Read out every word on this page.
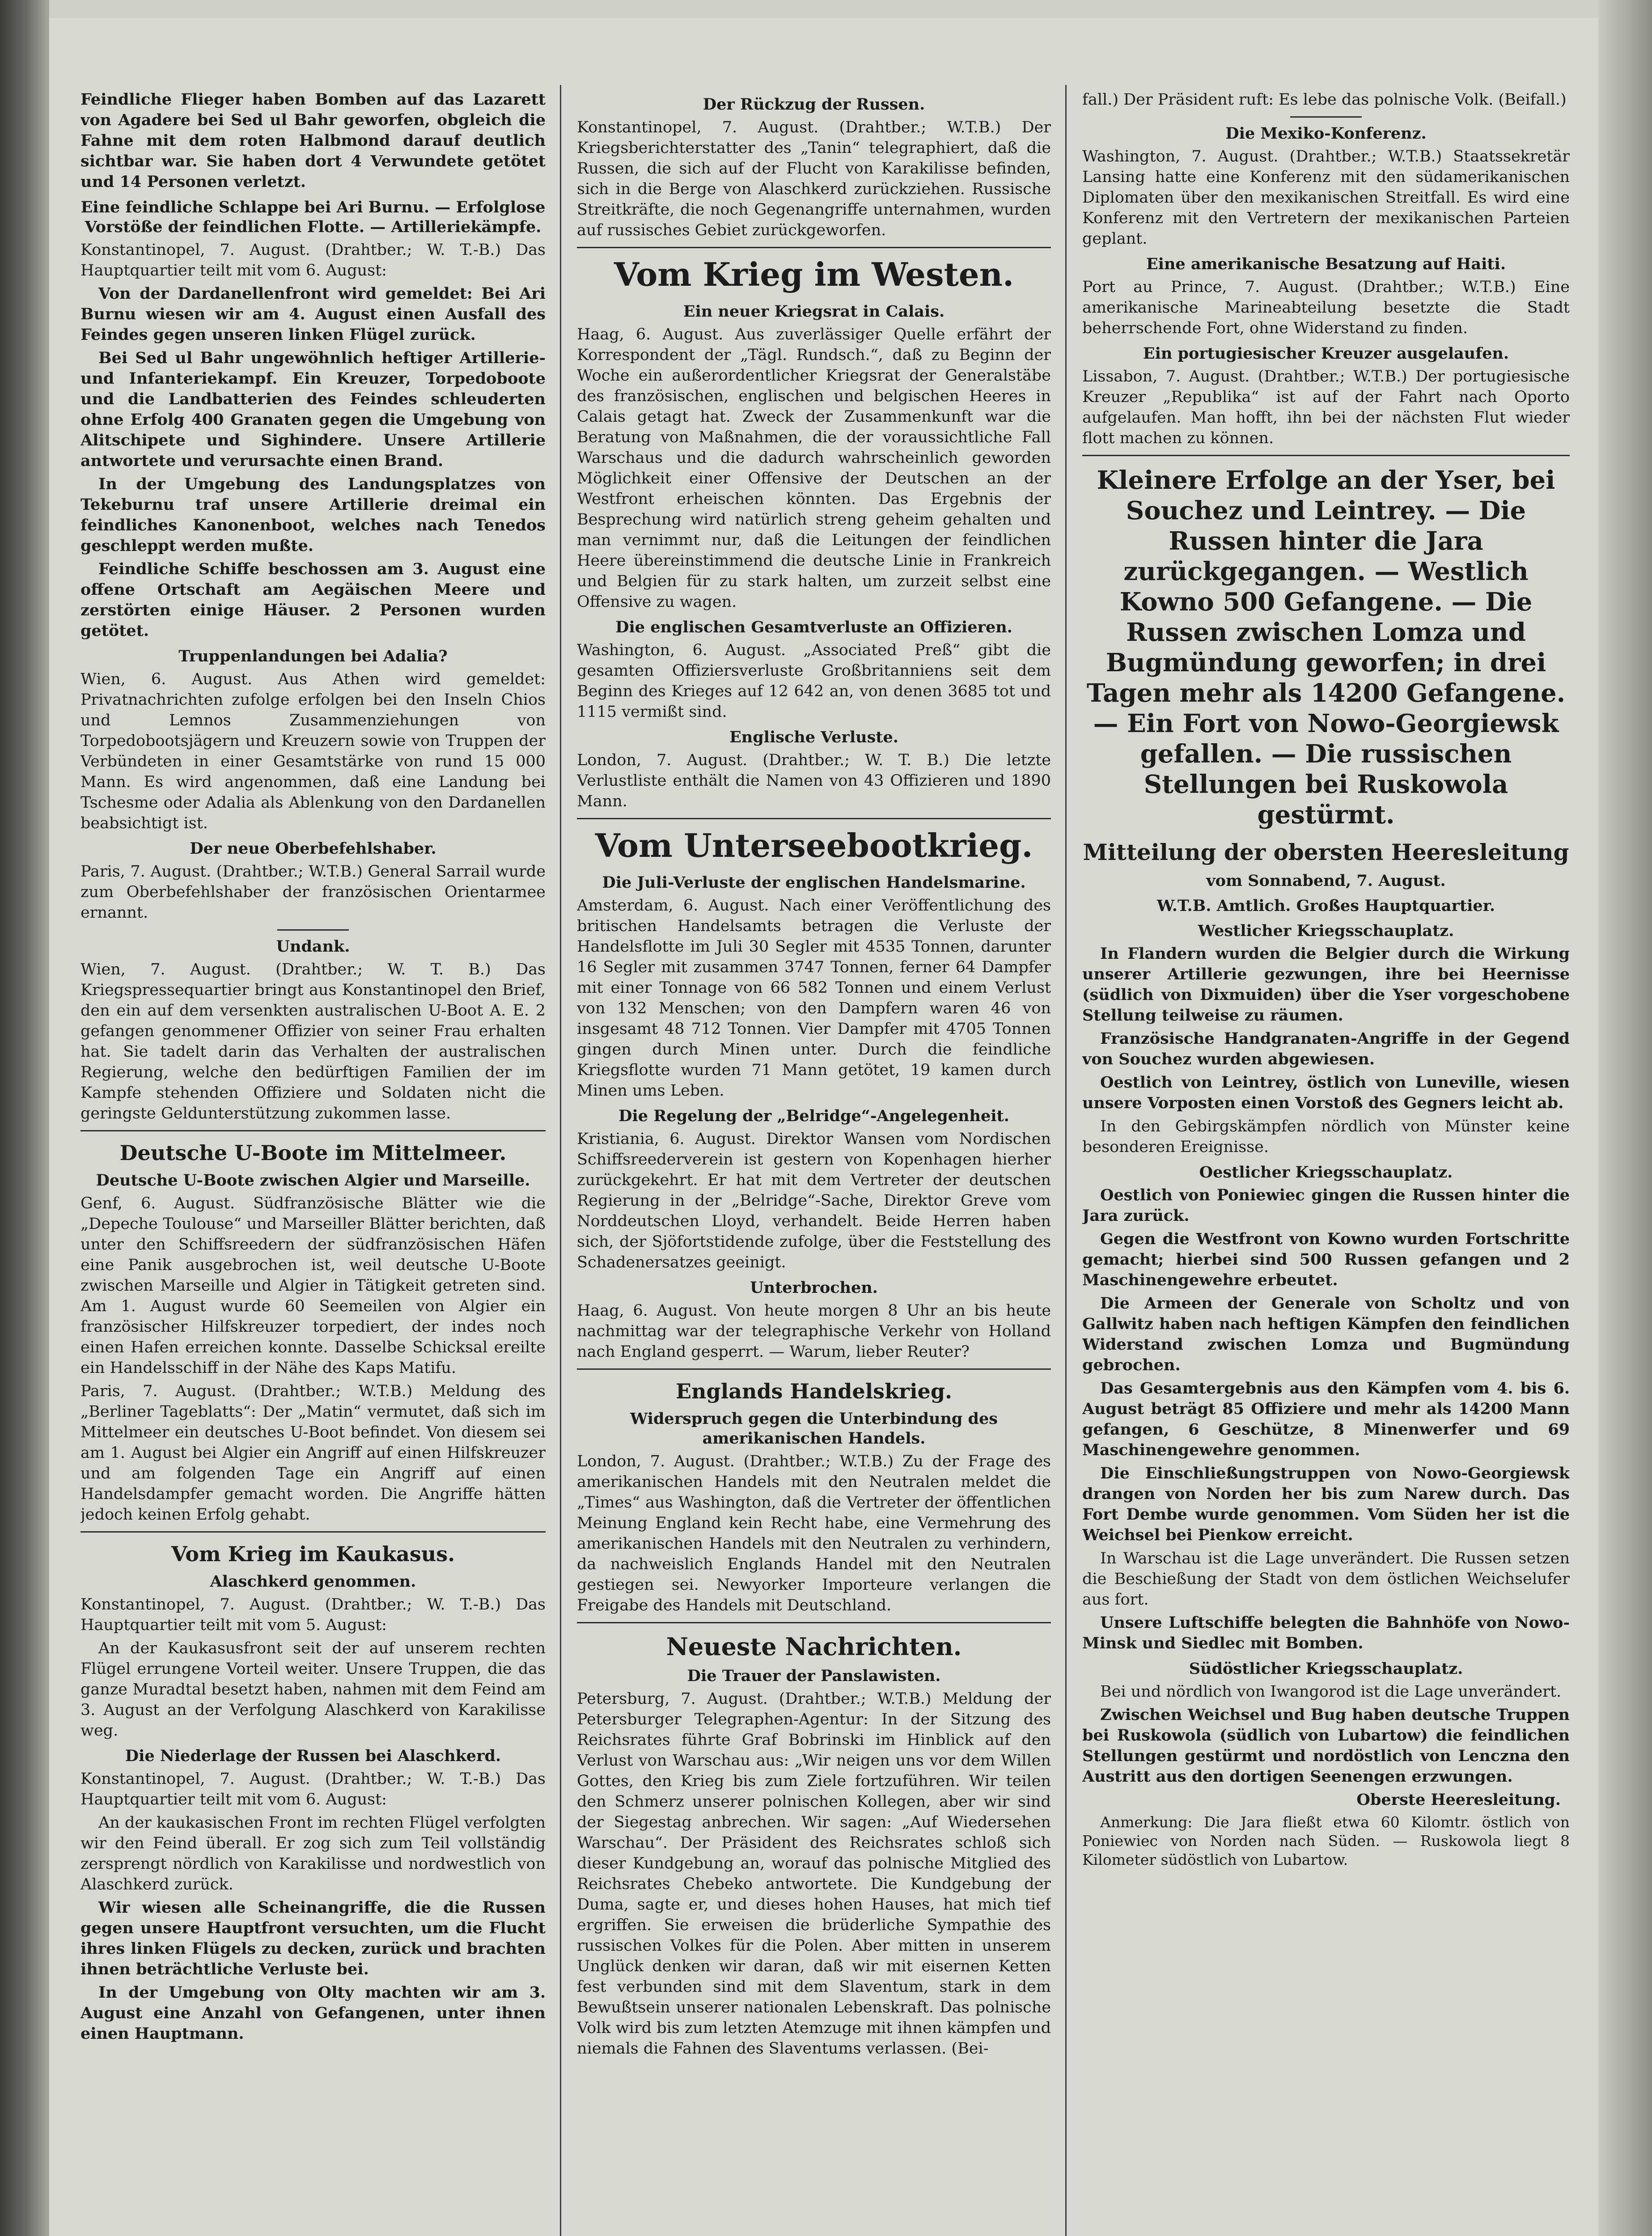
Feindliche Flieger haben Bomben auf das Lazarett von Agadere bei Sed ul Bahr geworfen, obgleich die Fahne mit dem roten Halbmond darauf deutlich sichtbar war. Sie haben dort 4 Verwundete getötet und 14 Personen verletzt.

Eine feindliche Schlappe bei Ari Burnu. — Erfolglose Vorstöße der feindlichen Flotte. — Artilleriekämpfe.

Konstantinopel, 7. August. (Drahtber.; W. T.-B.) Das Hauptquartier teilt mit vom 6. August:

Von der Dardanellenfront wird gemeldet: Bei Ari Burnu wiesen wir am 4. August einen Ausfall des Feindes gegen unseren linken Flügel zurück.

Bei Sed ul Bahr ungewöhnlich heftiger Artillerie- und Infanteriekampf. Ein Kreuzer, Torpedoboote und die Landbatterien des Feindes schleuderten ohne Erfolg 400 Granaten gegen die Umgebung von Alitschipete und Sighindere. Unsere Artillerie antwortete und verursachte einen Brand.

In der Umgebung des Landungsplatzes von Tekeburnu traf unsere Artillerie dreimal ein feindliches Kanonenboot, welches nach Tenedos geschleppt werden mußte.

Feindliche Schiffe beschossen am 3. August eine offene Ortschaft am Aegäischen Meere und zerstörten einige Häuser. 2 Personen wurden getötet.

Truppenlandungen bei Adalia?

Wien, 6. August. Aus Athen wird gemeldet: Privatnachrichten zufolge erfolgen bei den Inseln Chios und Lemnos Zusammenziehungen von Torpedobootsjägern und Kreuzern sowie von Truppen der Verbündeten in einer Gesamtstärke von rund 15 000 Mann. Es wird angenommen, daß eine Landung bei Tschesme oder Adalia als Ablenkung von den Dardanellen beabsichtigt ist.

Der neue Oberbefehlshaber.

Paris, 7. August. (Drahtber.; W.T.B.) General Sarrail wurde zum Oberbefehlshaber der französischen Orientarmee ernannt.

Undank.

Wien, 7. August. (Drahtber.; W. T. B.) Das Kriegspressequartier bringt aus Konstantinopel den Brief, den ein auf dem versenkten australischen U-Boot A. E. 2 gefangen genommener Offizier von seiner Frau erhalten hat. Sie tadelt darin das Verhalten der australischen Regierung, welche den bedürftigen Familien der im Kampfe stehenden Offiziere und Soldaten nicht die geringste Geldunterstützung zukommen lasse.

Deutsche U-Boote im Mittelmeer.
Deutsche U-Boote zwischen Algier und Marseille.

Genf, 6. August. Südfranzösische Blätter wie die „Depeche Toulouse“ und Marseiller Blätter berichten, daß unter den Schiffsreedern der südfranzösischen Häfen eine Panik ausgebrochen ist, weil deutsche U-Boote zwischen Marseille und Algier in Tätigkeit getreten sind. Am 1. August wurde 60 Seemeilen von Algier ein französischer Hilfskreuzer torpediert, der indes noch einen Hafen erreichen konnte. Dasselbe Schicksal ereilte ein Handelsschiff in der Nähe des Kaps Matifu.

Paris, 7. August. (Drahtber.; W.T.B.) Meldung des „Berliner Tageblatts“: Der „Matin“ vermutet, daß sich im Mittelmeer ein deutsches U-Boot befindet. Von diesem sei am 1. August bei Algier ein Angriff auf einen Hilfskreuzer und am folgenden Tage ein Angriff auf einen Handelsdampfer gemacht worden. Die Angriffe hätten jedoch keinen Erfolg gehabt.

Vom Krieg im Kaukasus.
Alaschkerd genommen.

Konstantinopel, 7. August. (Drahtber.; W. T.-B.) Das Hauptquartier teilt mit vom 5. August:

An der Kaukasusfront seit der auf unserem rechten Flügel errungene Vorteil weiter. Unsere Truppen, die das ganze Muradtal besetzt haben, nahmen mit dem Feind am 3. August an der Verfolgung Alaschkerd von Karakilisse weg.

Die Niederlage der Russen bei Alaschkerd.

Konstantinopel, 7. August. (Drahtber.; W. T.-B.) Das Hauptquartier teilt mit vom 6. August:

An der kaukasischen Front im rechten Flügel verfolgten wir den Feind überall. Er zog sich zum Teil vollständig zersprengt nördlich von Karakilisse und nordwestlich von Alaschkerd zurück.

Wir wiesen alle Scheinangriffe, die die Russen gegen unsere Hauptfront versuchten, um die Flucht ihres linken Flügels zu decken, zurück und brachten ihnen beträchtliche Verluste bei.

In der Umgebung von Olty machten wir am 3. August eine Anzahl von Gefangenen, unter ihnen einen Hauptmann.

Der Rückzug der Russen.

Konstantinopel, 7. August. (Drahtber.; W.T.B.) Der Kriegsberichterstatter des „Tanin“ telegraphiert, daß die Russen, die sich auf der Flucht von Karakilisse befinden, sich in die Berge von Alaschkerd zurückziehen. Russische Streitkräfte, die noch Gegenangriffe unternahmen, wurden auf russisches Gebiet zurückgeworfen.

Vom Krieg im Westen.
Ein neuer Kriegsrat in Calais.

Haag, 6. August. Aus zuverlässiger Quelle erfährt der Korrespondent der „Tägl. Rundsch.“, daß zu Beginn der Woche ein außerordentlicher Kriegsrat der Generalstäbe des französischen, englischen und belgischen Heeres in Calais getagt hat. Zweck der Zusammenkunft war die Beratung von Maßnahmen, die der voraussichtliche Fall Warschaus und die dadurch wahrscheinlich geworden Möglichkeit einer Offensive der Deutschen an der Westfront erheischen könnten. Das Ergebnis der Besprechung wird natürlich streng geheim gehalten und man vernimmt nur, daß die Leitungen der feindlichen Heere übereinstimmend die deutsche Linie in Frankreich und Belgien für zu stark halten, um zurzeit selbst eine Offensive zu wagen.

Die englischen Gesamtverluste an Offizieren.

Washington, 6. August. „Associated Preß“ gibt die gesamten Offiziersverluste Großbritanniens seit dem Beginn des Krieges auf 12 642 an, von denen 3685 tot und 1115 vermißt sind.

Englische Verluste.

London, 7. August. (Drahtber.; W. T. B.) Die letzte Verlustliste enthält die Namen von 43 Offizieren und 1890 Mann.

Vom Unterseebootkrieg.
Die Juli-Verluste der englischen Handelsmarine.

Amsterdam, 6. August. Nach einer Veröffentlichung des britischen Handelsamts betragen die Verluste der Handelsflotte im Juli 30 Segler mit 4535 Tonnen, darunter 16 Segler mit zusammen 3747 Tonnen, ferner 64 Dampfer mit einer Tonnage von 66 582 Tonnen und einem Verlust von 132 Menschen; von den Dampfern waren 46 von insgesamt 48 712 Tonnen. Vier Dampfer mit 4705 Tonnen gingen durch Minen unter. Durch die feindliche Kriegsflotte wurden 71 Mann getötet, 19 kamen durch Minen ums Leben.

Die Regelung der „Belridge“-Angelegenheit.

Kristiania, 6. August. Direktor Wansen vom Nordischen Schiffsreederverein ist gestern von Kopenhagen hierher zurückgekehrt. Er hat mit dem Vertreter der deutschen Regierung in der „Belridge“-Sache, Direktor Greve vom Norddeutschen Lloyd, verhandelt. Beide Herren haben sich, der Sjöfortstidende zufolge, über die Feststellung des Schadenersatzes geeinigt.

Unterbrochen.

Haag, 6. August. Von heute morgen 8 Uhr an bis heute nachmittag war der telegraphische Verkehr von Holland nach England gesperrt. — Warum, lieber Reuter?

Englands Handelskrieg.
Widerspruch gegen die Unterbindung des amerikanischen Handels.

London, 7. August. (Drahtber.; W.T.B.) Zu der Frage des amerikanischen Handels mit den Neutralen meldet die „Times“ aus Washington, daß die Vertreter der öffentlichen Meinung England kein Recht habe, eine Vermehrung des amerikanischen Handels mit den Neutralen zu verhindern, da nachweislich Englands Handel mit den Neutralen gestiegen sei. Newyorker Importeure verlangen die Freigabe des Handels mit Deutschland.

Neueste Nachrichten.
Die Trauer der Panslawisten.

Petersburg, 7. August. (Drahtber.; W.T.B.) Meldung der Petersburger Telegraphen-Agentur: In der Sitzung des Reichsrates führte Graf Bobrinski im Hinblick auf den Verlust von Warschau aus: „Wir neigen uns vor dem Willen Gottes, den Krieg bis zum Ziele fortzuführen. Wir teilen den Schmerz unserer polnischen Kollegen, aber wir sind der Siegestag anbrechen. Wir sagen: „Auf Wiedersehen Warschau“. Der Präsident des Reichsrates schloß sich dieser Kundgebung an, worauf das polnische Mitglied des Reichsrates Chebeko antwortete. Die Kundgebung der Duma, sagte er, und dieses hohen Hauses, hat mich tief ergriffen. Sie erweisen die brüderliche Sympathie des russischen Volkes für die Polen. Aber mitten in unserem Unglück denken wir daran, daß wir mit eisernen Ketten fest verbunden sind mit dem Slaventum, stark in dem Bewußtsein unserer nationalen Lebenskraft. Das polnische Volk wird bis zum letzten Atemzuge mit ihnen kämpfen und niemals die Fahnen des Slaventums verlassen. (Bei-

fall.) Der Präsident ruft: Es lebe das polnische Volk. (Beifall.)

Die Mexiko-Konferenz.

Washington, 7. August. (Drahtber.; W.T.B.) Staatssekretär Lansing hatte eine Konferenz mit den südamerikanischen Diplomaten über den mexikanischen Streitfall. Es wird eine Konferenz mit den Vertretern der mexikanischen Parteien geplant.

Eine amerikanische Besatzung auf Haiti.

Port au Prince, 7. August. (Drahtber.; W.T.B.) Eine amerikanische Marineabteilung besetzte die Stadt beherrschende Fort, ohne Widerstand zu finden.

Ein portugiesischer Kreuzer ausgelaufen.

Lissabon, 7. August. (Drahtber.; W.T.B.) Der portugiesische Kreuzer „Republika“ ist auf der Fahrt nach Oporto aufgelaufen. Man hofft, ihn bei der nächsten Flut wieder flott machen zu können.

Kleinere Erfolge an der Yser, bei Souchez und Leintrey. — Die Russen hinter die Jara zurückgegangen. — Westlich Kowno 500 Gefangene. — Die Russen zwischen Lomza und Bugmündung geworfen; in drei Tagen mehr als 14200 Gefangene. — Ein Fort von Nowo-Georgiewsk gefallen. — Die russischen Stellungen bei Ruskowola gestürmt.
Mitteilung der obersten Heeresleitung
vom Sonnabend, 7. August.
W.T.B. Amtlich. Großes Hauptquartier.
Westlicher Kriegsschauplatz.

In Flandern wurden die Belgier durch die Wirkung unserer Artillerie gezwungen, ihre bei Heernisse (südlich von Dixmuiden) über die Yser vorgeschobene Stellung teilweise zu räumen.

Französische Handgranaten-Angriffe in der Gegend von Souchez wurden abgewiesen.

Oestlich von Leintrey, östlich von Luneville, wiesen unsere Vorposten einen Vorstoß des Gegners leicht ab.

In den Gebirgskämpfen nördlich von Münster keine besonderen Ereignisse.

Oestlicher Kriegsschauplatz.

Oestlich von Poniewiec gingen die Russen hinter die Jara zurück.

Gegen die Westfront von Kowno wurden Fortschritte gemacht; hierbei sind 500 Russen gefangen und 2 Maschinengewehre erbeutet.

Die Armeen der Generale von Scholtz und von Gallwitz haben nach heftigen Kämpfen den feindlichen Widerstand zwischen Lomza und Bugmündung gebrochen.

Das Gesamtergebnis aus den Kämpfen vom 4. bis 6. August beträgt 85 Offiziere und mehr als 14200 Mann gefangen, 6 Geschütze, 8 Minenwerfer und 69 Maschinengewehre genommen.

Die Einschließungstruppen von Nowo-Georgiewsk drangen von Norden her bis zum Narew durch. Das Fort Dembe wurde genommen. Vom Süden her ist die Weichsel bei Pienkow erreicht.

In Warschau ist die Lage unverändert. Die Russen setzen die Beschießung der Stadt von dem östlichen Weichselufer aus fort.

Unsere Luftschiffe belegten die Bahnhöfe von Nowo-Minsk und Siedlec mit Bomben.

Südöstlicher Kriegsschauplatz.

Bei und nördlich von Iwangorod ist die Lage unverändert.

Zwischen Weichsel und Bug haben deutsche Truppen bei Ruskowola (südlich von Lubartow) die feindlichen Stellungen gestürmt und nordöstlich von Lenczna den Austritt aus den dortigen Seenengen erzwungen.

Oberste Heeresleitung.

Anmerkung: Die Jara fließt etwa 60 Kilomtr. östlich von Poniewiec von Norden nach Süden. — Ruskowola liegt 8 Kilometer südöstlich von Lubartow.
